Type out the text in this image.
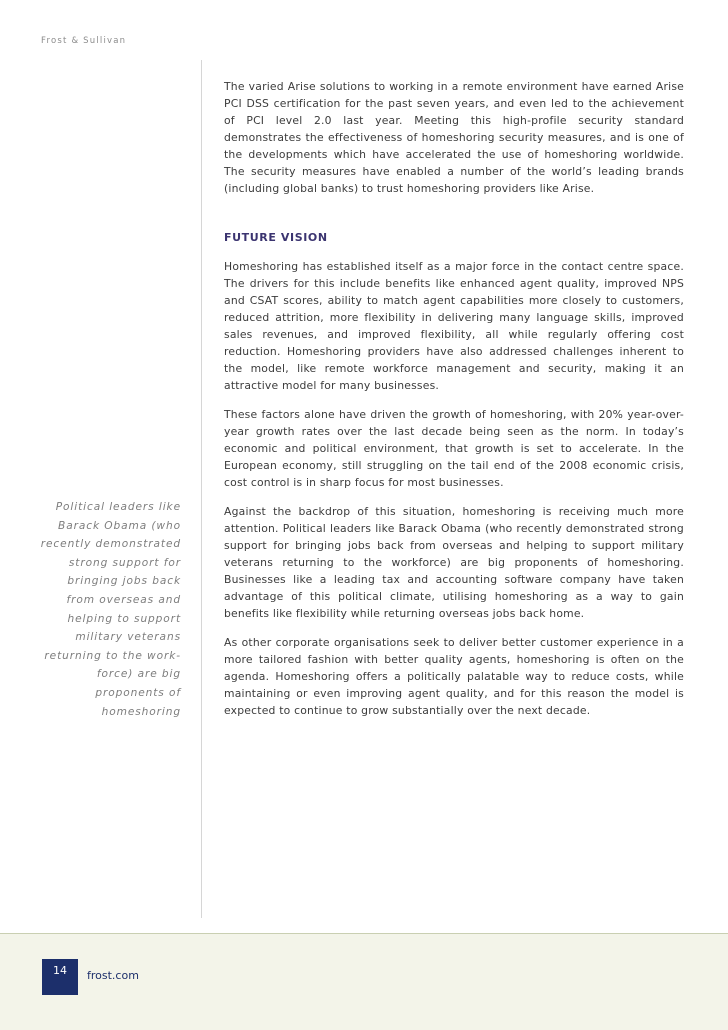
Frost & Sullivan
Political leaders like Barack Obama (who recently demonstrated strong support for bringing jobs back from overseas and helping to support military veterans returning to the work-force) are big proponents of homeshoring

The varied Arise solutions to working in a remote environment have earned Arise PCI DSS certification for the past seven years, and even led to the achievement of PCI level 2.0 last year. Meeting this high-profile security standard demonstrates the effectiveness of homeshoring security measures, and is one of the developments which have accelerated the use of homeshoring worldwide. The security measures have enabled a number of the world’s leading brands (including global banks) to trust homeshoring providers like Arise.

FUTURE VISION

Homeshoring has established itself as a major force in the contact centre space. The drivers for this include benefits like enhanced agent quality, improved NPS and CSAT scores, ability to match agent capabilities more closely to customers, reduced attrition, more flexibility in delivering many language skills, improved sales revenues, and improved flexibility, all while regularly offering cost reduction. Homeshoring providers have also addressed challenges inherent to the model, like remote workforce management and security, making it an attractive model for many businesses.

These factors alone have driven the growth of homeshoring, with 20% year-over-year growth rates over the last decade being seen as the norm. In today’s economic and political environment, that growth is set to accelerate. In the European economy, still struggling on the tail end of the 2008 economic crisis, cost control is in sharp focus for most businesses.

Against the backdrop of this situation, homeshoring is receiving much more attention. Political leaders like Barack Obama (who recently demonstrated strong support for bringing jobs back from overseas and helping to support military veterans returning to the workforce) are big proponents of homeshoring. Businesses like a leading tax and accounting software company have taken advantage of this political climate, utilising homeshoring as a way to gain benefits like flexibility while returning overseas jobs back home.

As other corporate organisations seek to deliver better customer experience in a more tailored fashion with better quality agents, homeshoring is often on the agenda. Homeshoring offers a politically palatable way to reduce costs, while maintaining or even improving agent quality, and for this reason the model is expected to continue to grow substantially over the next decade.

14	frost.com
